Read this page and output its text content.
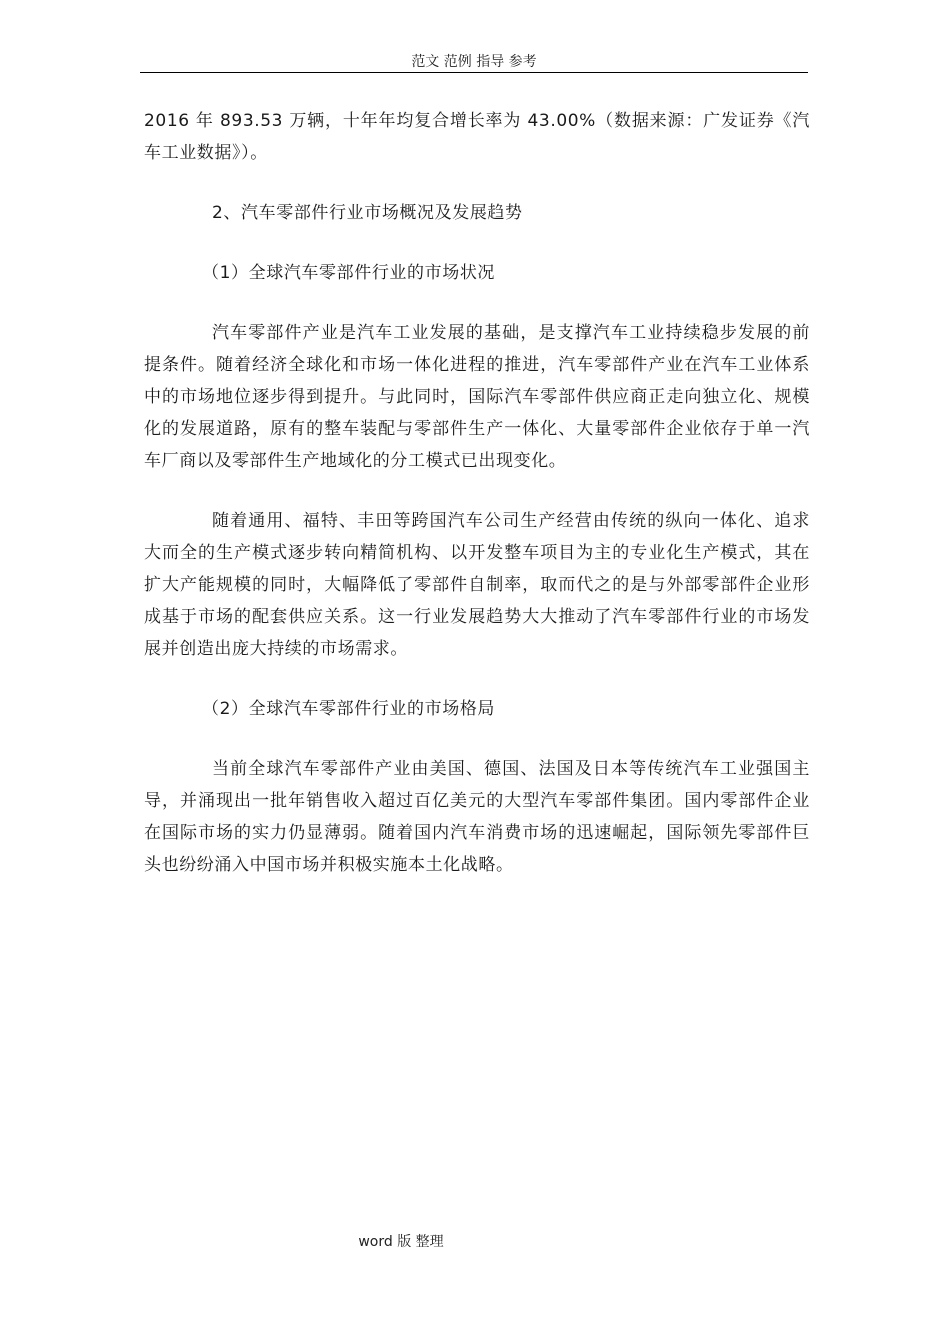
范文 范例 指导 参考

2016 年 893.53 万辆，十年年均复合增长率为 43.00%（数据来源：广发证券《汽车工业数据》）。

2、汽车零部件行业市场概况及发展趋势

（1）全球汽车零部件行业的市场状况

汽车零部件产业是汽车工业发展的基础，是支撑汽车工业持续稳步发展的前提条件。随着经济全球化和市场一体化进程的推进，汽车零部件产业在汽车工业体系中的市场地位逐步得到提升。与此同时，国际汽车零部件供应商正走向独立化、规模化的发展道路，原有的整车装配与零部件生产一体化、大量零部件企业依存于单一汽车厂商以及零部件生产地域化的分工模式已出现变化。

随着通用、福特、丰田等跨国汽车公司生产经营由传统的纵向一体化、追求大而全的生产模式逐步转向精简机构、以开发整车项目为主的专业化生产模式，其在扩大产能规模的同时，大幅降低了零部件自制率，取而代之的是与外部零部件企业形成基于市场的配套供应关系。这一行业发展趋势大大推动了汽车零部件行业的市场发展并创造出庞大持续的市场需求。

（2）全球汽车零部件行业的市场格局

当前全球汽车零部件产业由美国、德国、法国及日本等传统汽车工业强国主导，并涌现出一批年销售收入超过百亿美元的大型汽车零部件集团。国内零部件企业在国际市场的实力仍显薄弱。随着国内汽车消费市场的迅速崛起，国际领先零部件巨头也纷纷涌入中国市场并积极实施本土化战略。

word 版 整理
